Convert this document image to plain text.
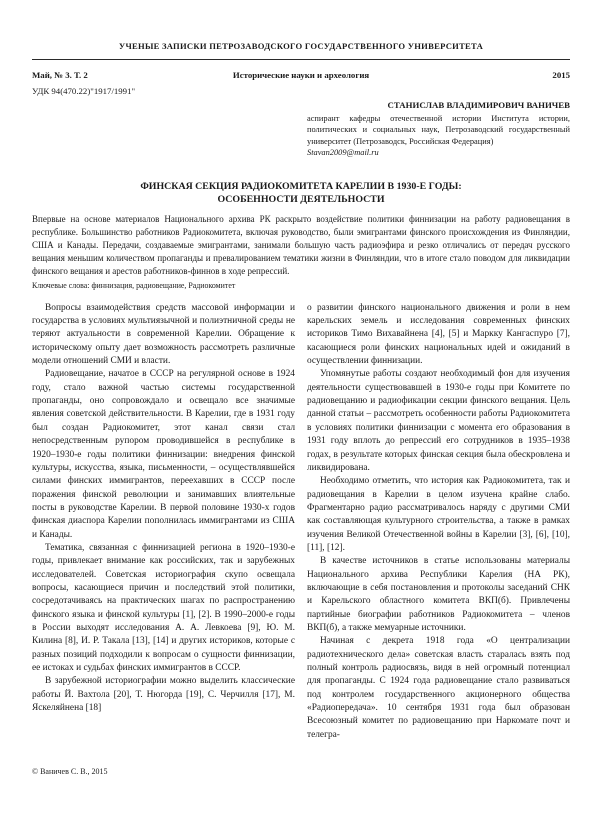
УЧЕНЫЕ ЗАПИСКИ ПЕТРОЗАВОДСКОГО ГОСУДАРСТВЕННОГО УНИВЕРСИТЕТА
Май, № 3. Т. 2	Исторические науки и археология	2015
УДК 94(470.22)"1917/1991"
СТАНИСЛАВ ВЛАДИМИРОВИЧ ВАНИЧЕВ
аспирант кафедры отечественной истории Института истории, политических и социальных наук, Петрозаводский государственный университет (Петрозаводск, Российская Федерация)
Stavan2009@mail.ru
ФИНСКАЯ СЕКЦИЯ РАДИОКОМИТЕТА КАРЕЛИИ В 1930-Е ГОДЫ:
ОСОБЕННОСТИ ДЕЯТЕЛЬНОСТИ
Впервые на основе материалов Национального архива РК раскрыто воздействие политики финнизации на работу радиовещания в республике. Большинство работников Радиокомитета, включая руководство, были эмигрантами финского происхождения из Финляндии, США и Канады. Передачи, создаваемые эмигрантами, занимали большую часть радиоэфира и резко отличались от передач русского вещания меньшим количеством пропаганды и превалированием тематики жизни в Финляндии, что в итоге стало поводом для ликвидации финского вещания и арестов работников-финнов в ходе репрессий.
Ключевые слова: финнизация, радиовещание, Радиокомитет

Вопросы взаимодействия средств массовой информации и государства в условиях мультиязычной и полиэтничной среды не теряют актуальности в современной Карелии. Обращение к историческому опыту дает возможность рассмотреть различные модели отношений СМИ и власти.

Радиовещание, начатое в СССР на регулярной основе в 1924 году, стало важной частью системы государственной пропаганды, оно сопровождало и освещало все значимые явления советской действительности. В Карелии, где в 1931 году был создан Радиокомитет, этот канал связи стал непосредственным рупором проводившейся в республике в 1920–1930-е годы политики финнизации: внедрения финской культуры, искусства, языка, письменности, – осуществлявшейся силами финских иммигрантов, переехавших в СССР после поражения финской революции и занимавших влиятельные посты в руководстве Карелии. В первой половине 1930-х годов финская диаспора Карелии пополнилась иммигрантами из США и Канады.

Тематика, связанная с финнизацией региона в 1920–1930-е годы, привлекает внимание как российских, так и зарубежных исследователей. Советская историография скупо освещала вопросы, касающиеся причин и последствий этой политики, сосредотачиваясь на практических шагах по распространению финского языка и финской культуры [1], [2]. В 1990–2000-е годы в России выходят исследования А. А. Левкоева [9], Ю. М. Килина [8], И. Р. Такала [13], [14] и других историков, которые с разных позиций подходили к вопросам о сущности финнизации, ее истоках и судьбах финских иммигрантов в СССР.

В зарубежной историографии можно выделить классические работы Й. Вахтола [20], Т. Нюгорда [19], С. Черчилля [17], М. Яскеляйнена [18]

о развитии финского национального движения и роли в нем карельских земель и исследования современных финских историков Тимо Вихавайнена [4], [5] и Маркку Кангаспуро [7], касающиеся роли финских национальных идей и ожиданий в осуществлении финнизации.

Упомянутые работы создают необходимый фон для изучения деятельности существовавшей в 1930-е годы при Комитете по радиовещанию и радиофикации секции финского вещания. Цель данной статьи – рассмотреть особенности работы Радиокомитета в условиях политики финнизации с момента его образования в 1931 году вплоть до репрессий его сотрудников в 1935–1938 годах, в результате которых финская секция была обескровлена и ликвидирована.

Необходимо отметить, что история как Радиокомитета, так и радиовещания в Карелии в целом изучена крайне слабо. Фрагментарно радио рассматривалось наряду с другими СМИ как составляющая культурного строительства, а также в рамках изучения Великой Отечественной войны в Карелии [3], [6], [10], [11], [12].

В качестве источников в статье использованы материалы Национального архива Республики Карелия (НА РК), включающие в себя постановления и протоколы заседаний СНК и Карельского областного комитета ВКП(б). Привлечены партийные биографии работников Радиокомитета – членов ВКП(б), а также мемуарные источники.

Начиная с декрета 1918 года «О централизации радиотехнического дела» советская власть старалась взять под полный контроль радиосвязь, видя в ней огромный потенциал для пропаганды. С 1924 года радиовещание стало развиваться под контролем государственного акционерного общества «Радиопередача». 10 сентября 1931 года был образован Всесоюзный комитет по радиовещанию при Наркомате почт и телегра-

© Ваничев С. В., 2015
